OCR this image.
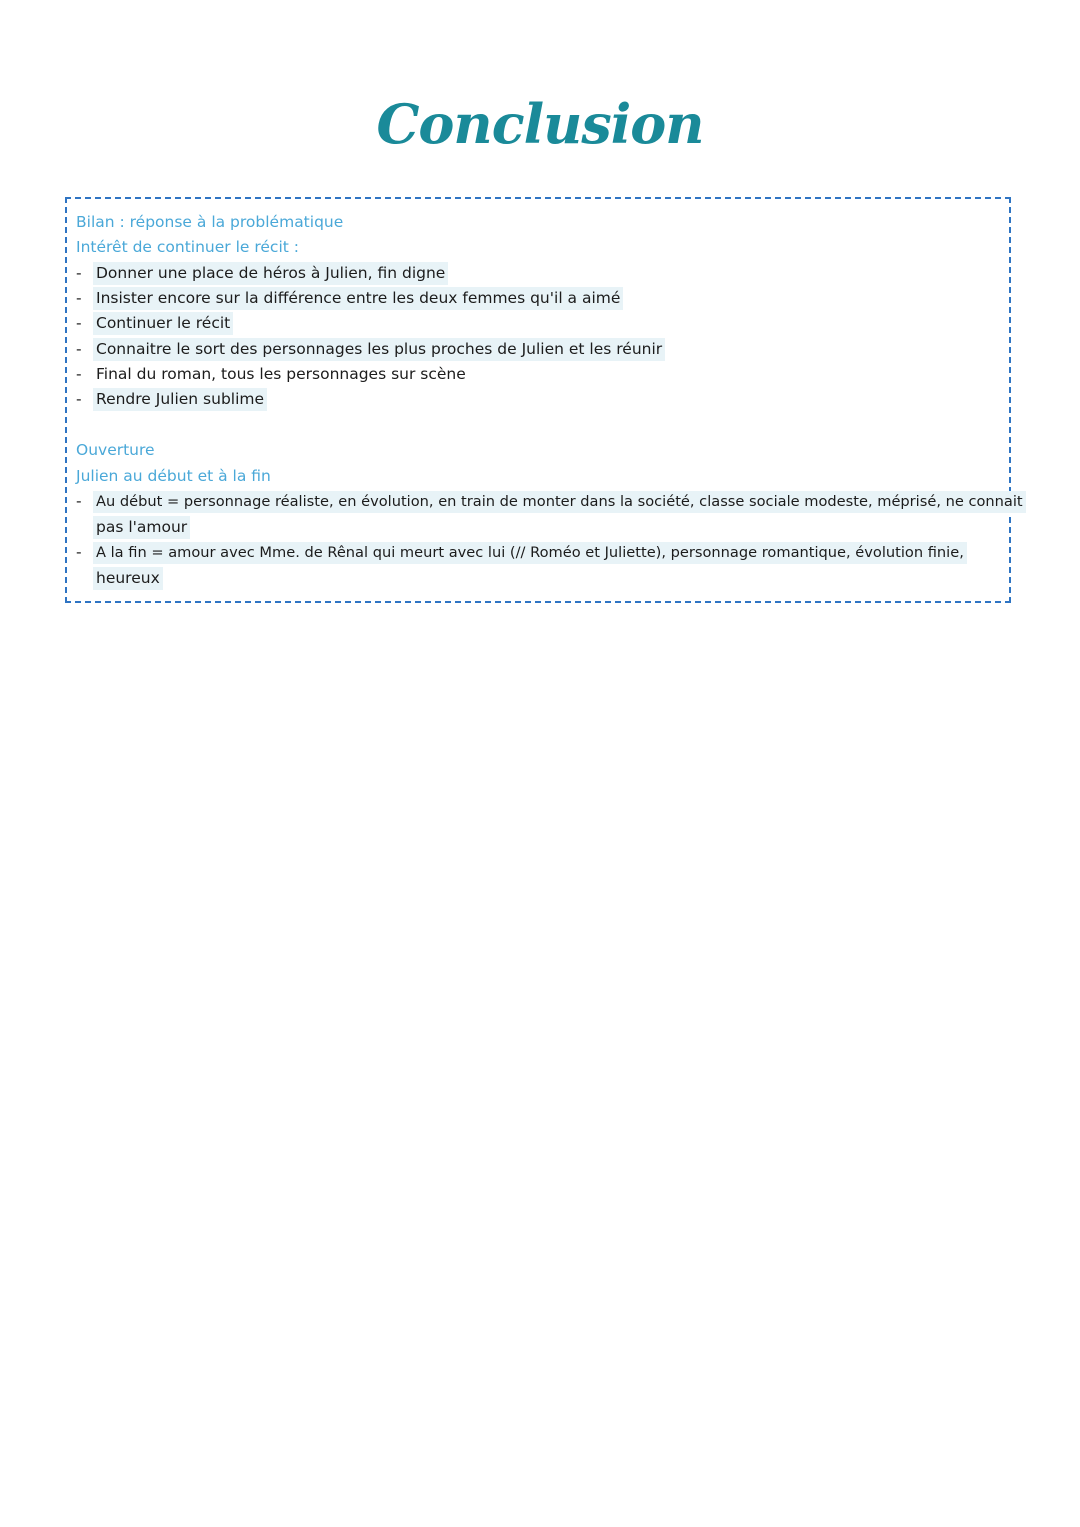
Conclusion
Bilan : réponse à la problématique
Intérêt de continuer le récit :
- Donner une place de héros à Julien, fin digne
- Insister encore sur la différence entre les deux femmes qu'il a aimé
- Continuer le récit
- Connaitre le sort des personnages les plus proches de Julien et les réunir
- Final du roman, tous les personnages sur scène
- Rendre Julien sublime
Ouverture
Julien au début et à la fin
- Au début = personnage réaliste, en évolution, en train de monter dans la société, classe sociale modeste, méprisé, ne connait
pas l'amour
- A la fin = amour avec Mme. de Rênal qui meurt avec lui (// Roméo et Juliette), personnage romantique, évolution finie,
heureux
